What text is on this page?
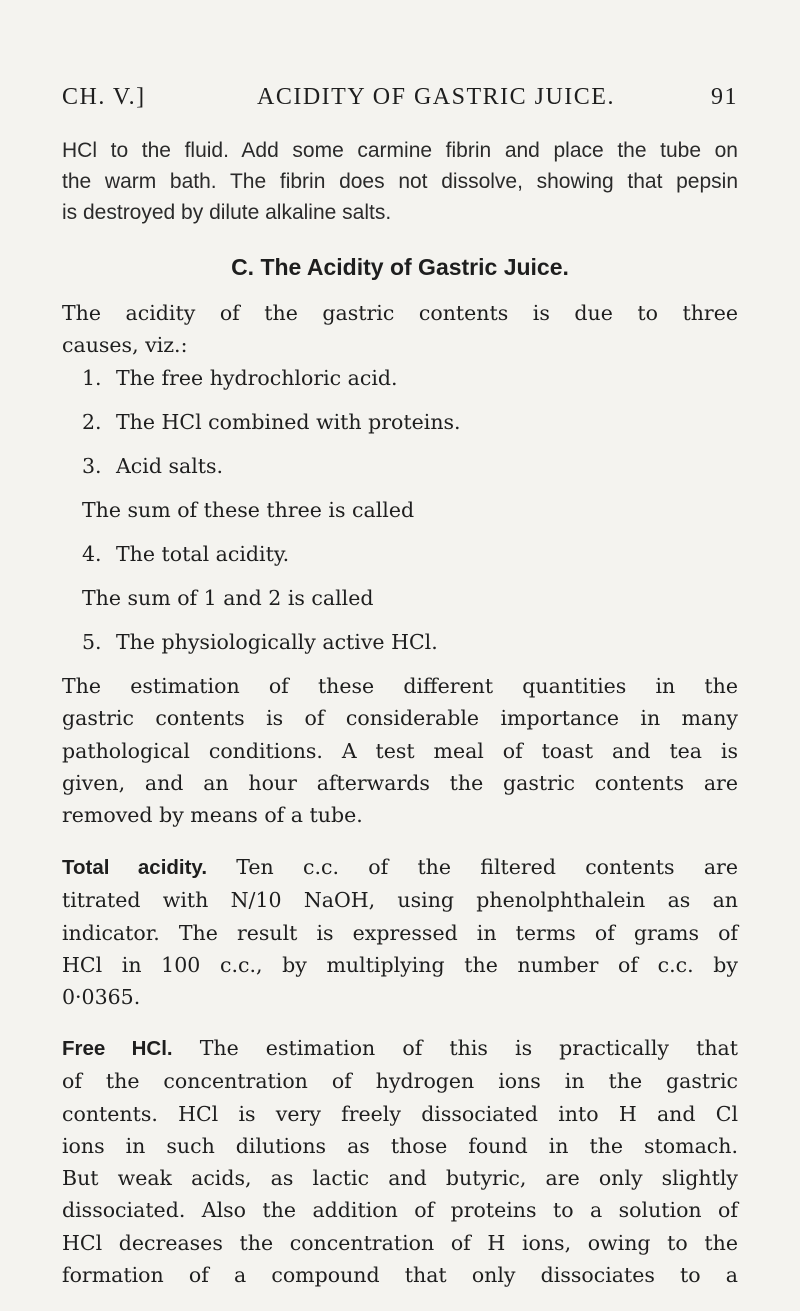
CH. V.]	ACIDITY OF GASTRIC JUICE.	91
HCl to the fluid. Add some carmine fibrin and place the tube on
the warm bath. The fibrin does not dissolve, showing that pepsin
is destroyed by dilute alkaline salts.
C. The Acidity of Gastric Juice.
The acidity of the gastric contents is due to three
causes, viz.:
1. The free hydrochloric acid.
2. The HCl combined with proteins.
3. Acid salts.
The sum of these three is called
4. The total acidity.
The sum of 1 and 2 is called
5. The physiologically active HCl.
The estimation of these different quantities in the
gastric contents is of considerable importance in many
pathological conditions. A test meal of toast and tea is
given, and an hour afterwards the gastric contents are
removed by means of a tube.
Total acidity. Ten c.c. of the filtered contents are
titrated with N/10 NaOH, using phenolphthalein as an
indicator. The result is expressed in terms of grams of
HCl in 100 c.c., by multiplying the number of c.c. by
0·0365.
Free HCl. The estimation of this is practically that
of the concentration of hydrogen ions in the gastric
contents. HCl is very freely dissociated into H and Cl
ions in such dilutions as those found in the stomach.
But weak acids, as lactic and butyric, are only slightly
dissociated. Also the addition of proteins to a solution of
HCl decreases the concentration of H ions, owing to the
formation of a compound that only dissociates to a
